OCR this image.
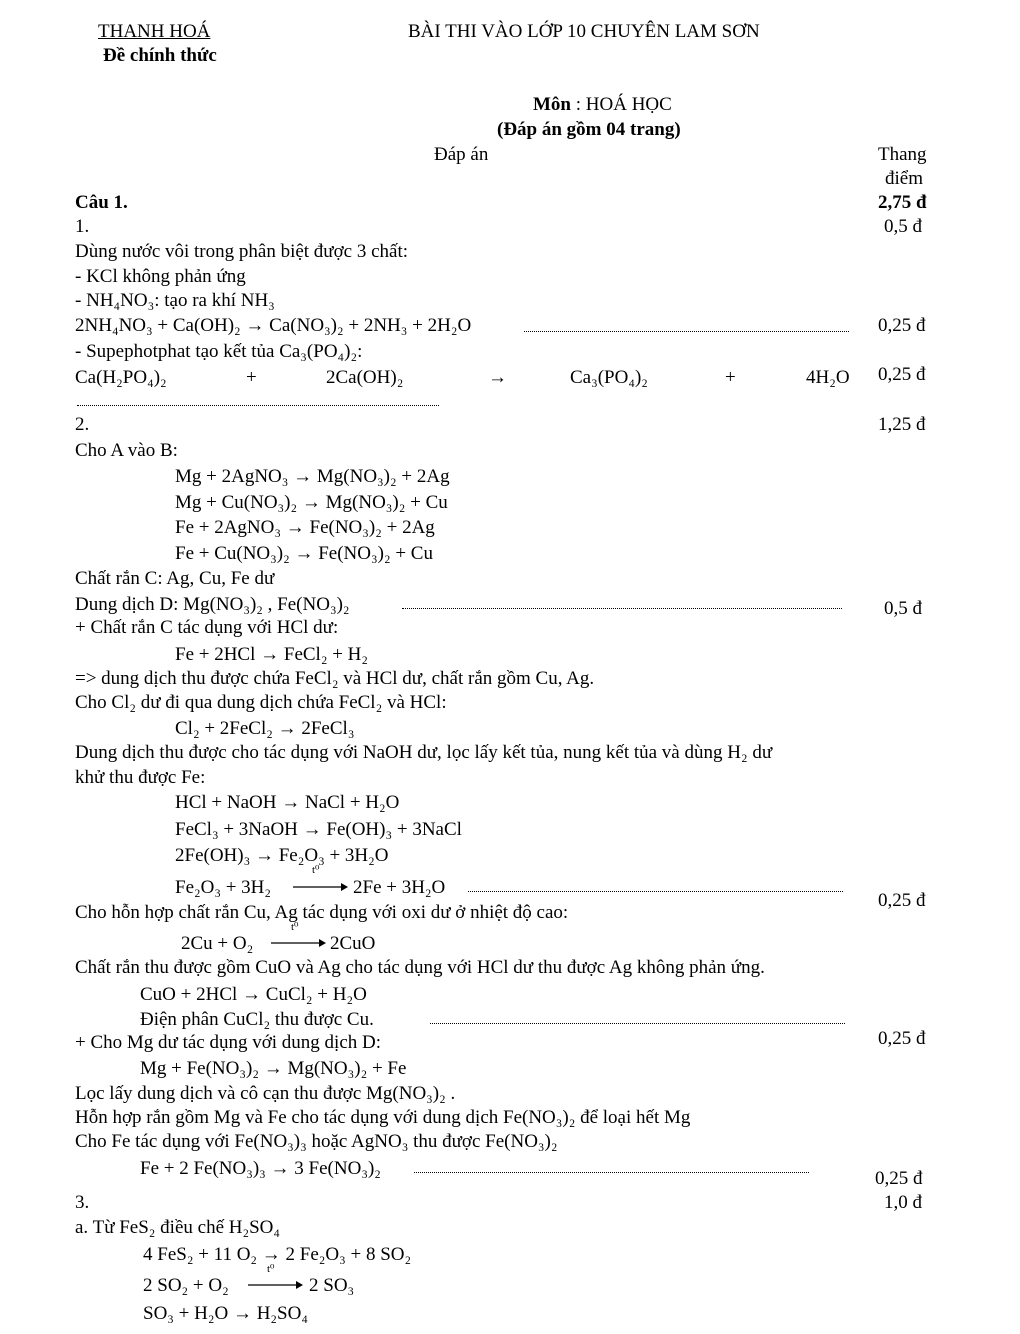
THANH HOÁ
Đề chính thức
BÀI THI VÀO LỚP 10 CHUYÊN LAM SƠN
Môn : HOÁ HỌC
(Đáp án gồm 04 trang)
Đáp án	Thang
điểm
Câu 1.	2,75 đ
1.	0,5 đ
Dùng nước vôi trong phân biệt được 3 chất:
- KCl không phản ứng
- NH₄NO₃: tạo ra khí NH₃
2NH₄NO₃ + Ca(OH)₂ → Ca(NO₃)₂ + 2NH₃ + 2H₂O	0,25 đ
- Supephotphat tạo kết tủa Ca₃(PO₄)₂:
Ca(H₂PO₄)₂	+	2Ca(OH)₂	→	Ca₃(PO₄)₂	+	4H₂O 0,25 đ
2.	1,25 đ
Cho A vào B:
Mg + 2AgNO₃ → Mg(NO₃)₂ + 2Ag
Mg + Cu(NO₃)₂ → Mg(NO₃)₂ + Cu
Fe + 2AgNO₃ → Fe(NO₃)₂ + 2Ag
Fe + Cu(NO₃)₂ → Fe(NO₃)₂ + Cu
Chất rắn C: Ag, Cu, Fe dư
Dung dịch D: Mg(NO₃)₂ , Fe(NO₃)₂	0,5 đ
+ Chất rắn C tác dụng với HCl dư:
Fe + 2HCl → FeCl₂ + H₂
=> dung dịch thu được chứa FeCl₂ và HCl dư, chất rắn gồm Cu, Ag.
Cho Cl₂ dư đi qua dung dịch chứa FeCl₂ và HCl:
Cl₂ + 2FeCl₂ → 2FeCl₃
Dung dịch thu được cho tác dụng với NaOH dư, lọc lấy kết tủa, nung kết tủa và dùng H₂ dư
khử thu được Fe:
HCl + NaOH → NaCl + H₂O
FeCl₃ + 3NaOH → Fe(OH)₃ + 3NaCl
2Fe(OH)₃ → Fe₂O₃ + 3H₂O
Fe₂O₃ + 3H₂
t⁰
2Fe + 3H₂O
0,25 đ
Cho hỗn hợp chất rắn Cu, Ag tác dụng với oxi dư ở nhiệt độ cao:
2Cu + O₂
t⁰
2CuO
Chất rắn thu được gồm CuO và Ag cho tác dụng với HCl dư thu được Ag không phản ứng.
CuO + 2HCl → CuCl₂ + H₂O
Điện phân CuCl₂ thu được Cu.
+ Cho Mg dư tác dụng với dung dịch D:	0,25 đ
Mg + Fe(NO₃)₂ → Mg(NO₃)₂ + Fe
Lọc lấy dung dịch và cô cạn thu được Mg(NO₃)₂ .
Hỗn hợp rắn gồm Mg và Fe cho tác dụng với dung dịch Fe(NO₃)₂ để loại hết Mg
Cho Fe tác dụng với Fe(NO₃)₃ hoặc AgNO₃ thu được Fe(NO₃)₂
Fe + 2 Fe(NO₃)₃ → 3 Fe(NO₃)₂	0,25 đ
3.	1,0 đ
a. Từ FeS₂ điều chế H₂SO₄
4 FeS₂ + 11 O₂ → 2 Fe₂O₃ + 8 SO₂
2 SO₂ + O₂
t⁰
2 SO₃
SO₃ + H₂O → H₂SO₄
